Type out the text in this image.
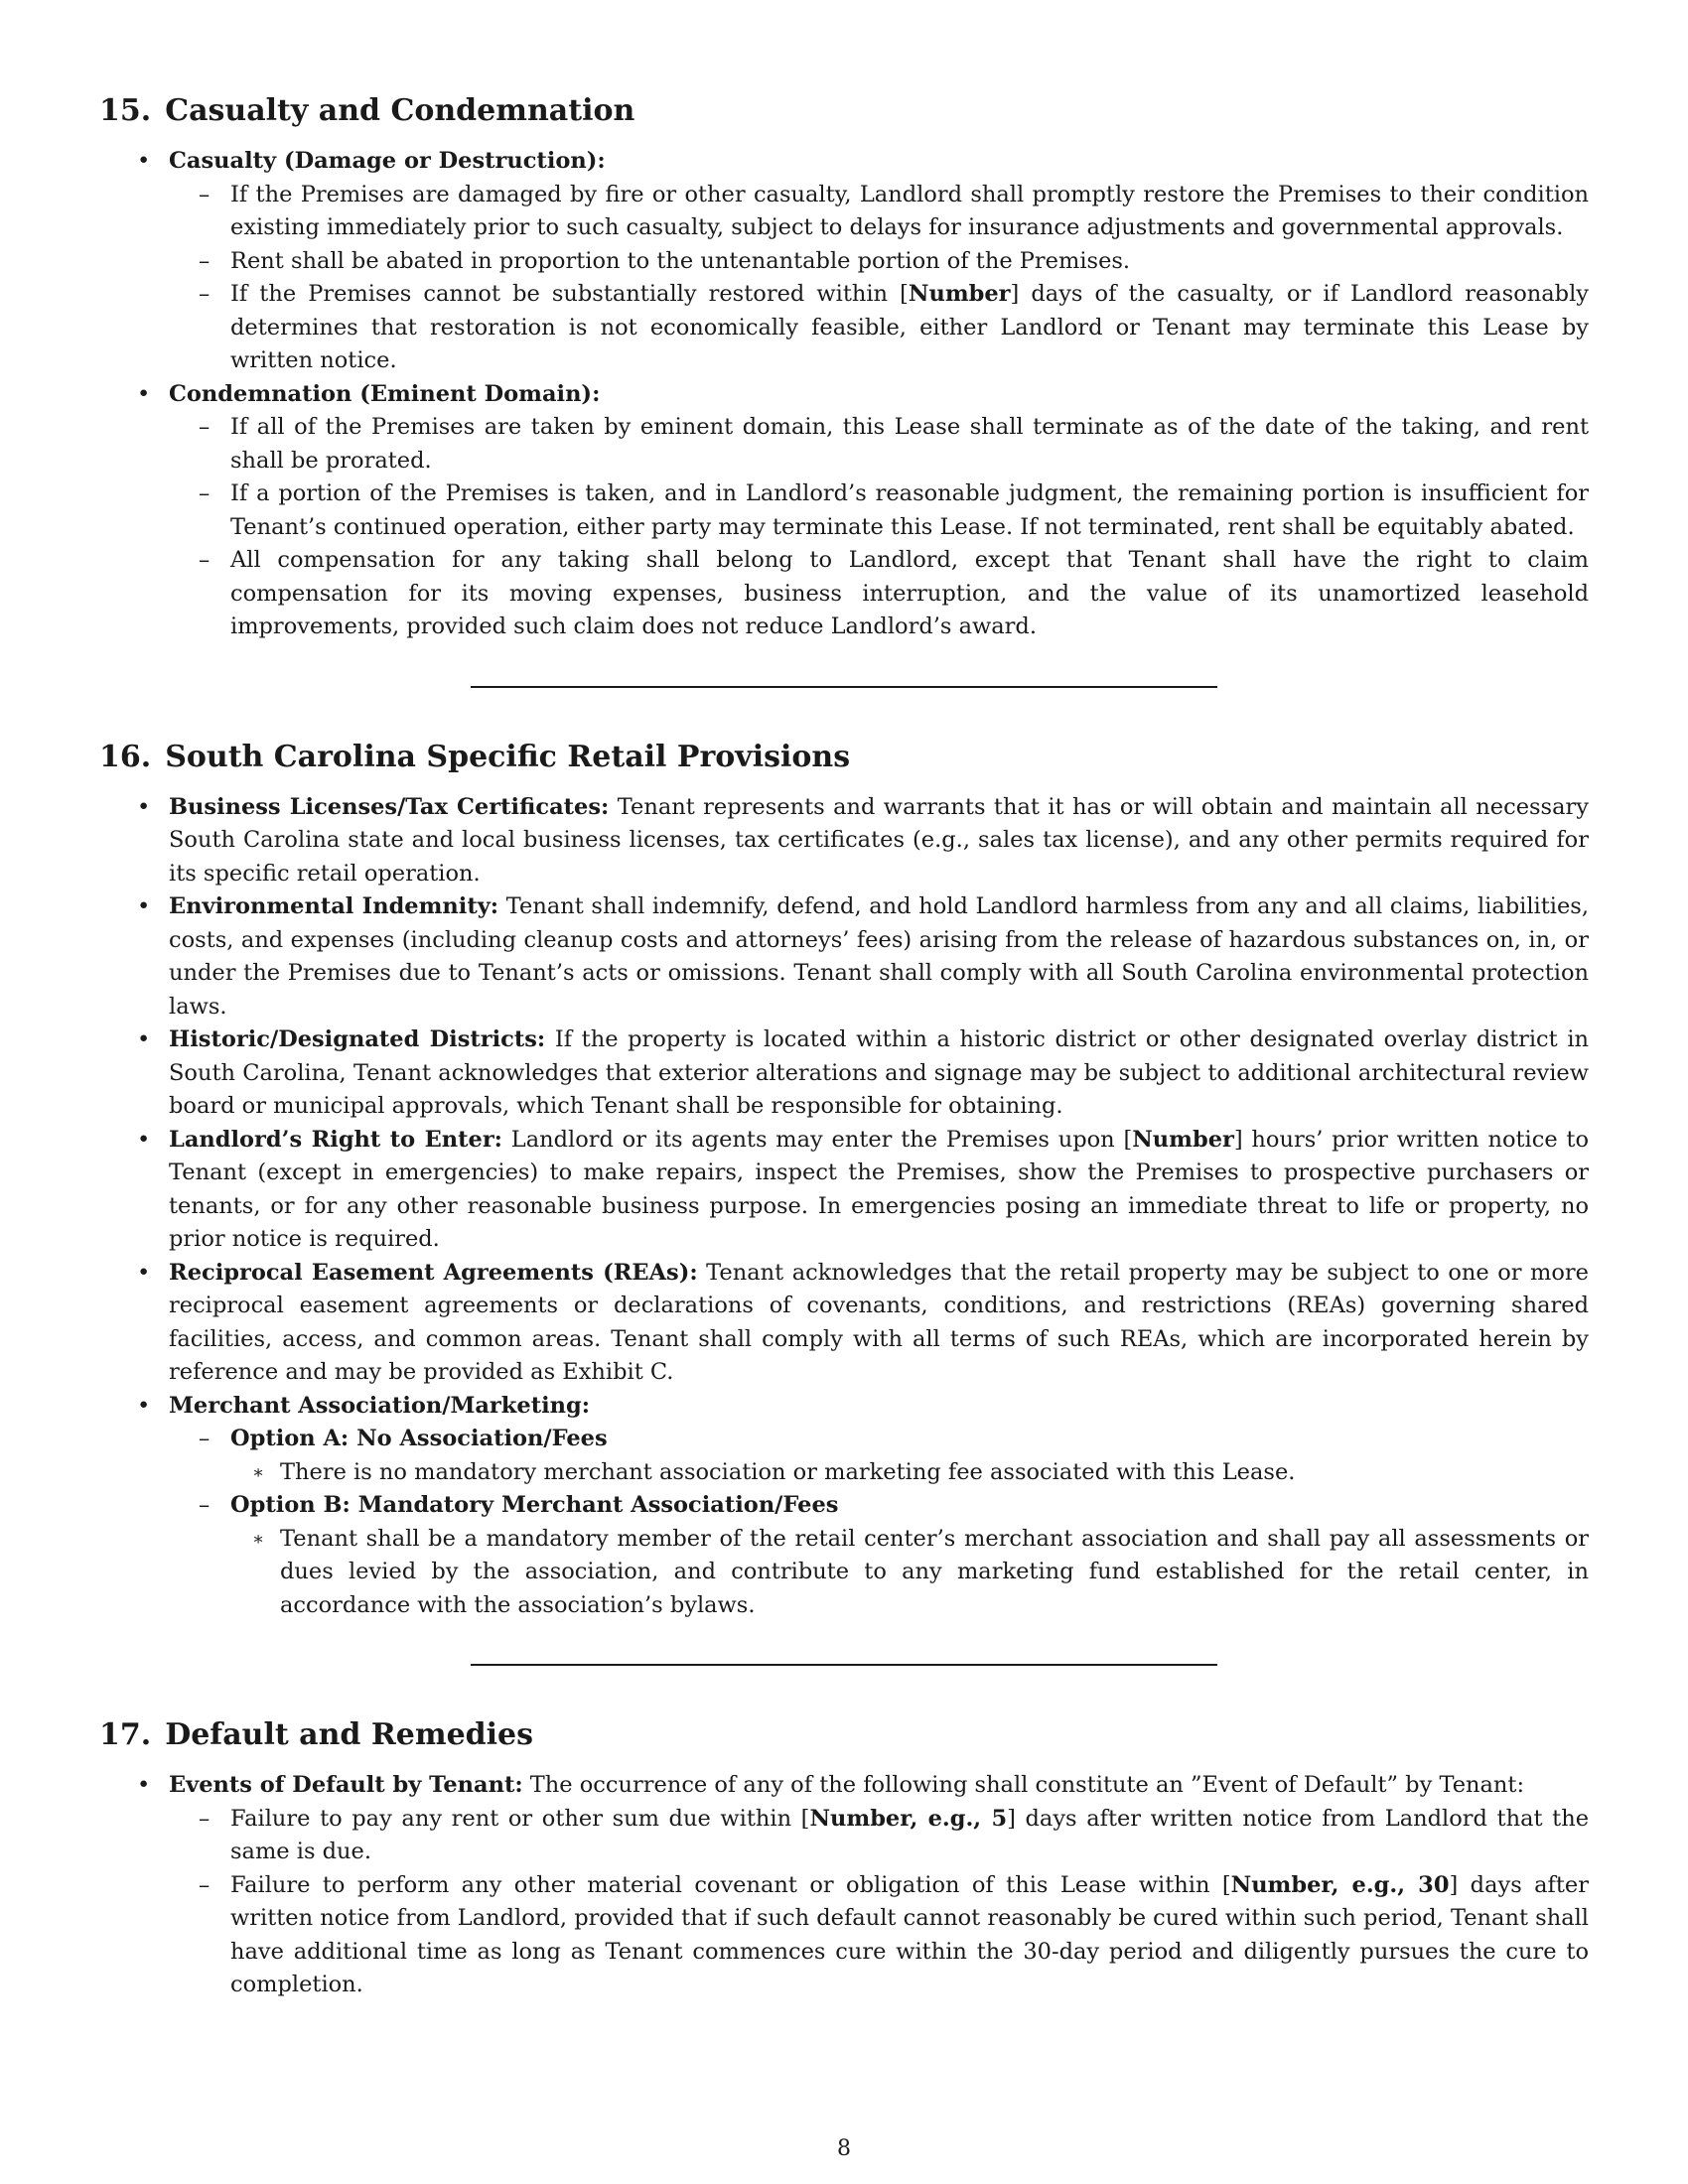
15. Casualty and Condemnation
• Casualty (Damage or Destruction):
– If the Premises are damaged by fire or other casualty, Landlord shall promptly restore the Premises to their condition existing immediately prior to such casualty, subject to delays for insurance adjustments and governmental approvals.
– Rent shall be abated in proportion to the untenantable portion of the Premises.
– If the Premises cannot be substantially restored within [Number] days of the casualty, or if Landlord reasonably determines that restoration is not economically feasible, either Landlord or Tenant may terminate this Lease by written notice.
• Condemnation (Eminent Domain):
– If all of the Premises are taken by eminent domain, this Lease shall terminate as of the date of the taking, and rent shall be prorated.
– If a portion of the Premises is taken, and in Landlord’s reasonable judgment, the remaining portion is insufficient for Tenant’s continued operation, either party may terminate this Lease. If not terminated, rent shall be equitably abated.
– All compensation for any taking shall belong to Landlord, except that Tenant shall have the right to claim compensation for its moving expenses, business interruption, and the value of its unamortized leasehold improvements, provided such claim does not reduce Landlord’s award.
16. South Carolina Specific Retail Provisions
• Business Licenses/Tax Certificates: Tenant represents and warrants that it has or will obtain and maintain all necessary South Carolina state and local business licenses, tax certificates (e.g., sales tax license), and any other permits required for its specific retail operation.
• Environmental Indemnity: Tenant shall indemnify, defend, and hold Landlord harmless from any and all claims, liabilities, costs, and expenses (including cleanup costs and attorneys’ fees) arising from the release of hazardous substances on, in, or under the Premises due to Tenant’s acts or omissions. Tenant shall comply with all South Carolina environmental protection laws.
• Historic/Designated Districts: If the property is located within a historic district or other designated overlay district in South Carolina, Tenant acknowledges that exterior alterations and signage may be subject to additional architectural review board or municipal approvals, which Tenant shall be responsible for obtaining.
• Landlord’s Right to Enter: Landlord or its agents may enter the Premises upon [Number] hours’ prior written notice to Tenant (except in emergencies) to make repairs, inspect the Premises, show the Premises to prospective purchasers or tenants, or for any other reasonable business purpose. In emergencies posing an immediate threat to life or property, no prior notice is required.
• Reciprocal Easement Agreements (REAs): Tenant acknowledges that the retail property may be subject to one or more reciprocal easement agreements or declarations of covenants, conditions, and restrictions (REAs) governing shared facilities, access, and common areas. Tenant shall comply with all terms of such REAs, which are incorporated herein by reference and may be provided as Exhibit C.
• Merchant Association/Marketing:
– Option A: No Association/Fees
∗ There is no mandatory merchant association or marketing fee associated with this Lease.
– Option B: Mandatory Merchant Association/Fees
∗ Tenant shall be a mandatory member of the retail center’s merchant association and shall pay all assessments or dues levied by the association, and contribute to any marketing fund established for the retail center, in accordance with the association’s bylaws.
17. Default and Remedies
• Events of Default by Tenant: The occurrence of any of the following shall constitute an ”Event of Default” by Tenant:
– Failure to pay any rent or other sum due within [Number, e.g., 5] days after written notice from Landlord that the same is due.
– Failure to perform any other material covenant or obligation of this Lease within [Number, e.g., 30] days after written notice from Landlord, provided that if such default cannot reasonably be cured within such period, Tenant shall have additional time as long as Tenant commences cure within the 30-day period and diligently pursues the cure to completion.
8
